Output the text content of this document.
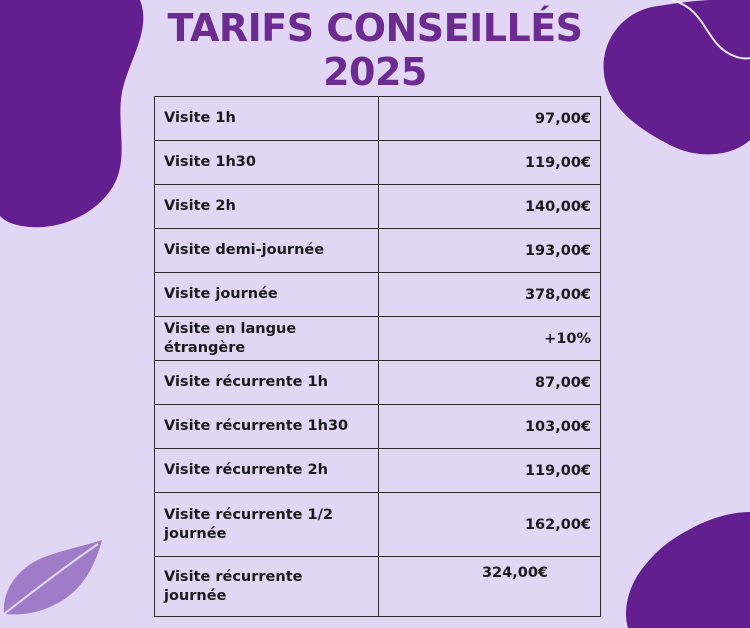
TARIFS CONSEILLÉS
2025
Visite 1h	97,00€
Visite 1h30	119,00€
Visite 2h	140,00€
Visite demi-journée	193,00€
Visite journée	378,00€
Visite en langue étrangère	+10%
Visite récurrente 1h	87,00€
Visite récurrente 1h30	103,00€
Visite récurrente 2h	119,00€
Visite récurrente 1/2 journée	162,00€
Visite récurrente journée	324,00€
